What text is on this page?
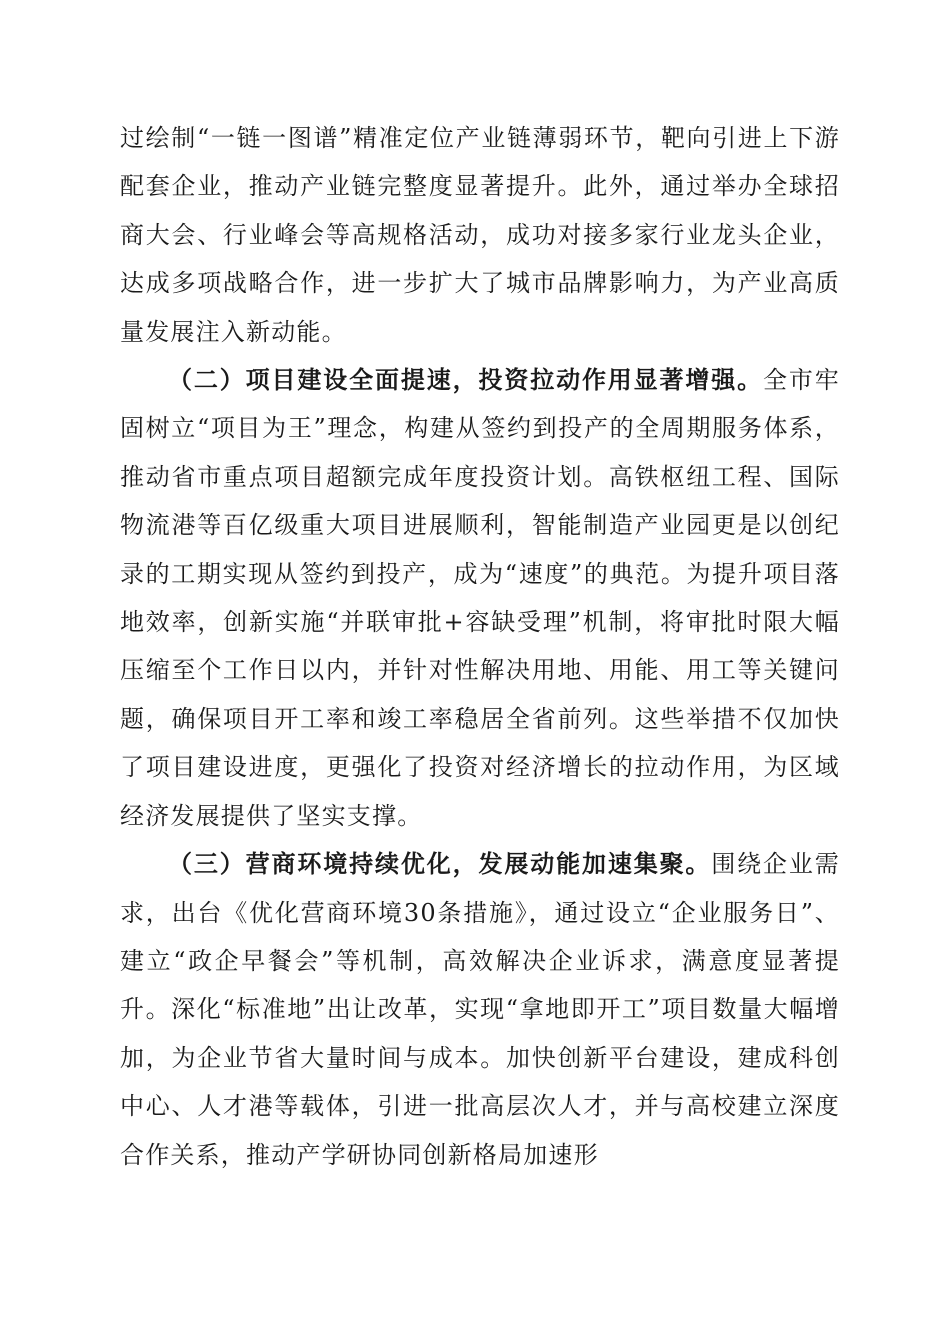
过绘制“一链一图谱”精准定位产业链薄弱环节，靶向引进上下游配套企业，推动产业链完整度显著提升。此外，通过举办全球招商大会、行业峰会等高规格活动，成功对接多家行业龙头企业，达成多项战略合作，进一步扩大了城市品牌影响力，为产业高质量发展注入新动能。

（二）项目建设全面提速，投资拉动作用显著增强。全市牢固树立“项目为王”理念，构建从签约到投产的全周期服务体系，推动省市重点项目超额完成年度投资计划。高铁枢纽工程、国际物流港等百亿级重大项目进展顺利，智能制造产业园更是以创纪录的工期实现从签约到投产，成为“速度”的典范。为提升项目落地效率，创新实施“并联审批+容缺受理”机制，将审批时限大幅压缩至个工作日以内，并针对性解决用地、用能、用工等关键问题，确保项目开工率和竣工率稳居全省前列。这些举措不仅加快了项目建设进度，更强化了投资对经济增长的拉动作用，为区域经济发展提供了坚实支撑。

（三）营商环境持续优化，发展动能加速集聚。围绕企业需求，出台《优化营商环境30条措施》，通过设立“企业服务日”、建立“政企早餐会”等机制，高效解决企业诉求，满意度显著提升。深化“标准地”出让改革，实现“拿地即开工”项目数量大幅增加，为企业节省大量时间与成本。加快创新平台建设，建成科创中心、人才港等载体，引进一批高层次人才，并与高校建立深度合作关系，推动产学研协同创新格局加速形
